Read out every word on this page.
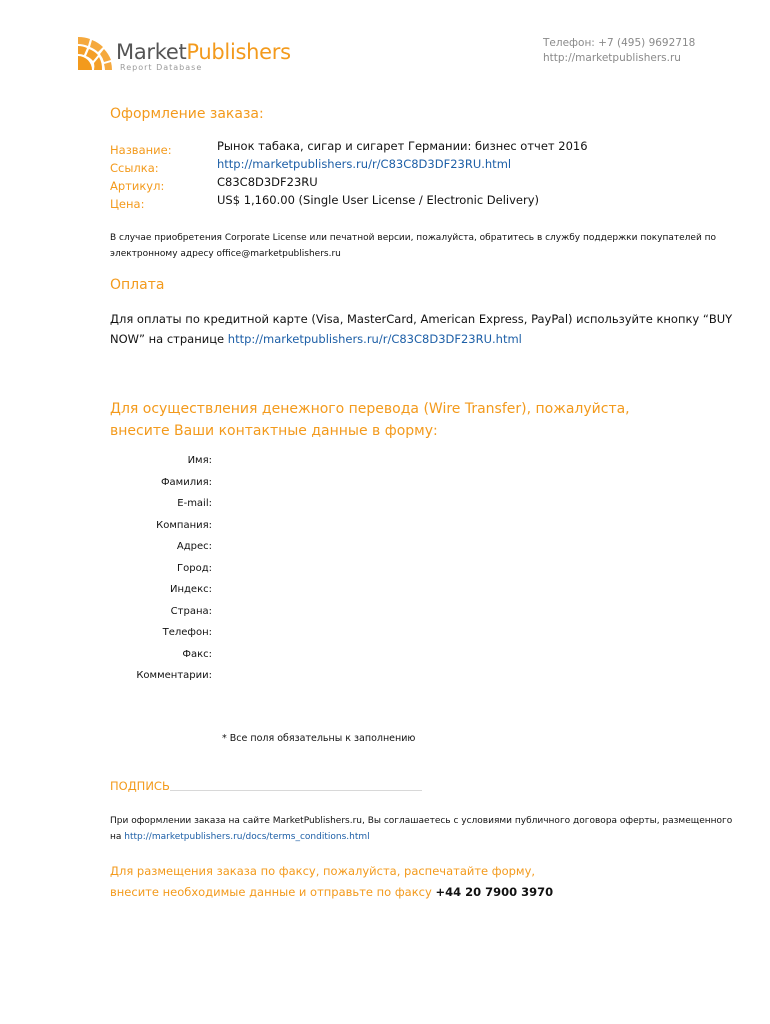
MarketPublishers
Report Database
Телефон: +7 (495) 9692718
http://marketpublishers.ru
Оформление заказа:
Название:	Рынок табака, сигар и сигарет Германии: бизнес отчет 2016
Ссылка:	http://marketpublishers.ru/r/C83C8D3DF23RU.html
Артикул:	C83C8D3DF23RU
Цена:	US$ 1,160.00 (Single User License / Electronic Delivery)
В случае приобретения Corporate License или печатной версии, пожалуйста, обратитесь в службу поддержки покупателей по
электронному адресу office@marketpublishers.ru
Оплата
Для оплаты по кредитной карте (Visa, MasterCard, American Express, PayPal) используйте кнопку “BUY
NOW” на странице http://marketpublishers.ru/r/C83C8D3DF23RU.html
Для осуществления денежного перевода (Wire Transfer), пожалуйста,
внесите Ваши контактные данные в форму:
Имя:
Фамилия:
E-mail:
Компания:
Адрес:
Город:
Индекс:
Страна:
Телефон:
Факс:
Комментарии:
* Все поля обязательны к заполнению
ПОДПИСЬ
При оформлении заказа на сайте MarketPublishers.ru, Вы соглашаетесь с условиями публичного договора оферты, размещенного
на http://marketpublishers.ru/docs/terms_conditions.html
Для размещения заказа по факсу, пожалуйста, распечатайте форму,
внесите необходимые данные и отправьте по факсу +44 20 7900 3970
